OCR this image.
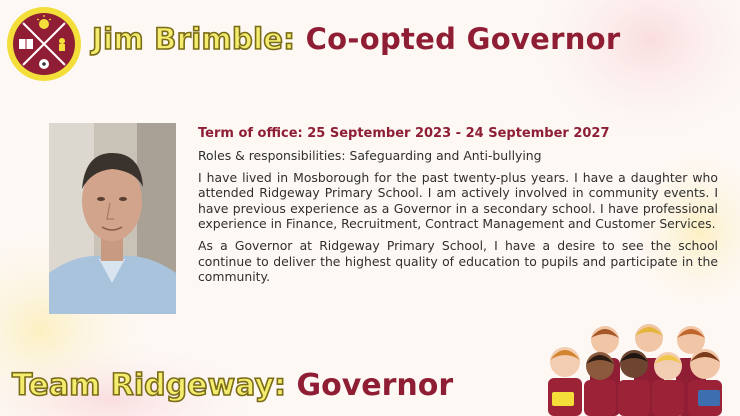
Jim Brimble: Co-opted Governor

Term of office: 25 September 2023 - 24 September 2027

Roles & responsibilities: Safeguarding and Anti-bullying

I have lived in Mosborough for the past twenty-plus years. I have a daughter who attended Ridgeway Primary School. I am actively involved in community events. I have previous experience as a Governor in a secondary school. I have professional experience in Finance, Recruitment, Contract Management and Customer Services.

As a Governor at Ridgeway Primary School, I have a desire to see the school continue to deliver the highest quality of education to pupils and participate in the community.

Team Ridgeway: Governor
